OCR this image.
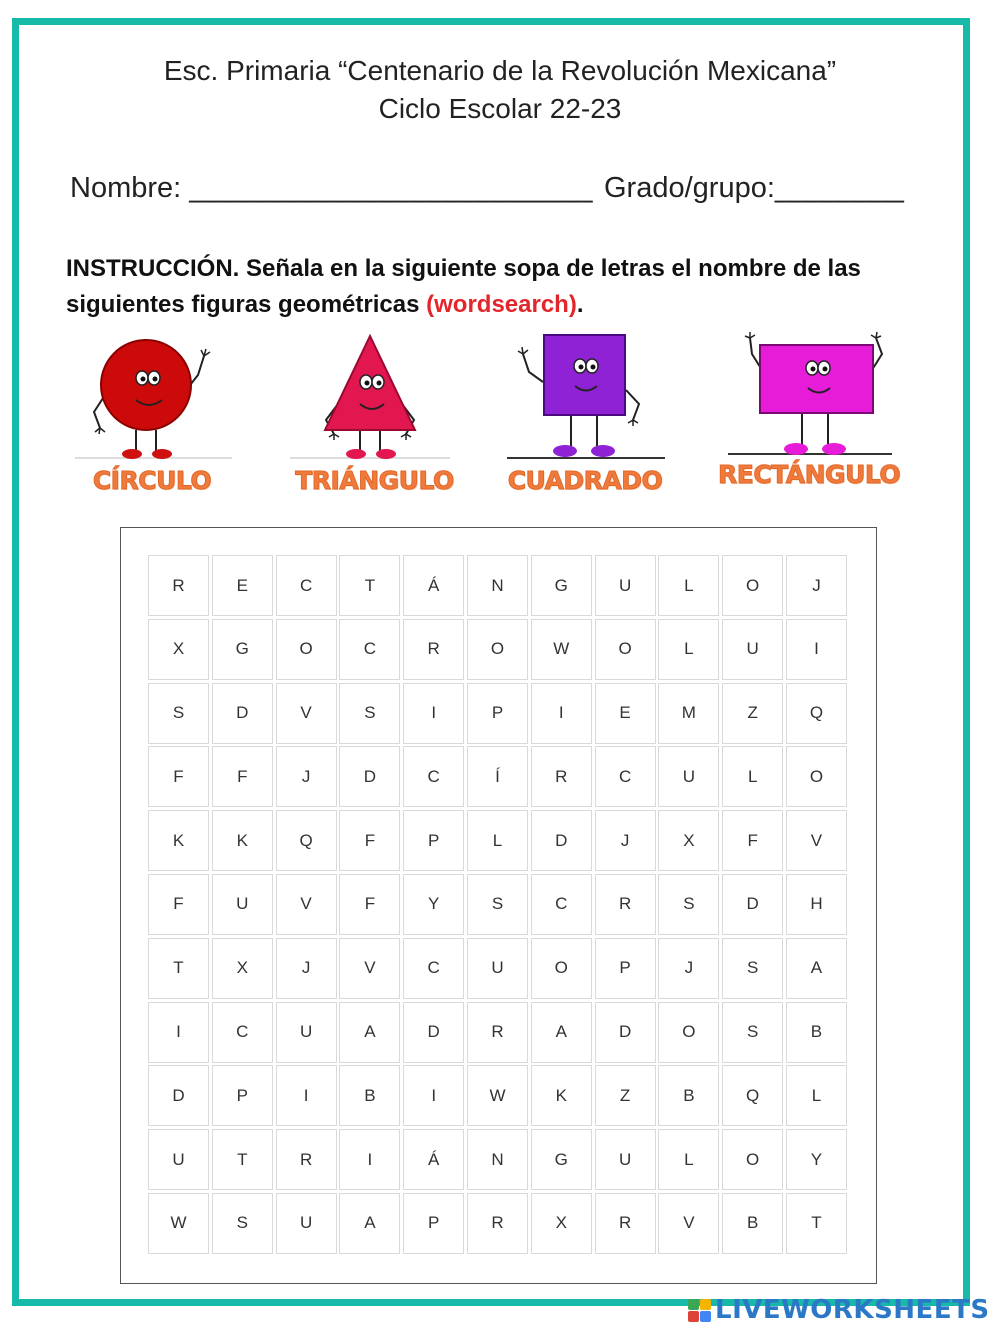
Esc. Primaria “Centenario de la Revolución Mexicana”
Ciclo Escolar 22-23
Nombre: _________________________ Grado/grupo:________
INSTRUCCIÓN. Señala en la siguiente sopa de letras el nombre de las siguientes figuras geométricas (wordsearch).
CÍRCULO	TRIÁNGULO CUADRADO RECTÁNGULO
R	E	C	T	Á	N	G	U	L	O	J
X	G	O	C	R	O	W	O	L	U	I
S	D	V	S	I	P	I	E	M	Z	Q
F	F	J	D	C	Í	R	C	U	L	O
K	K	Q	F	P	L	D	J	X	F	V
F	U	V	F	Y	S	C	R	S	D	H
T	X	J	V	C	U	O	P	J	S	A
I	C	U	A	D	R	A	D	O	S	B
D	P	I	B	I	W	K	Z	B	Q	L
U	T	R	I	Á	N	G	U	L	O	Y
W	S	U	A	P	R	X	R	V	B	T
LIVEWORKSHEETS
